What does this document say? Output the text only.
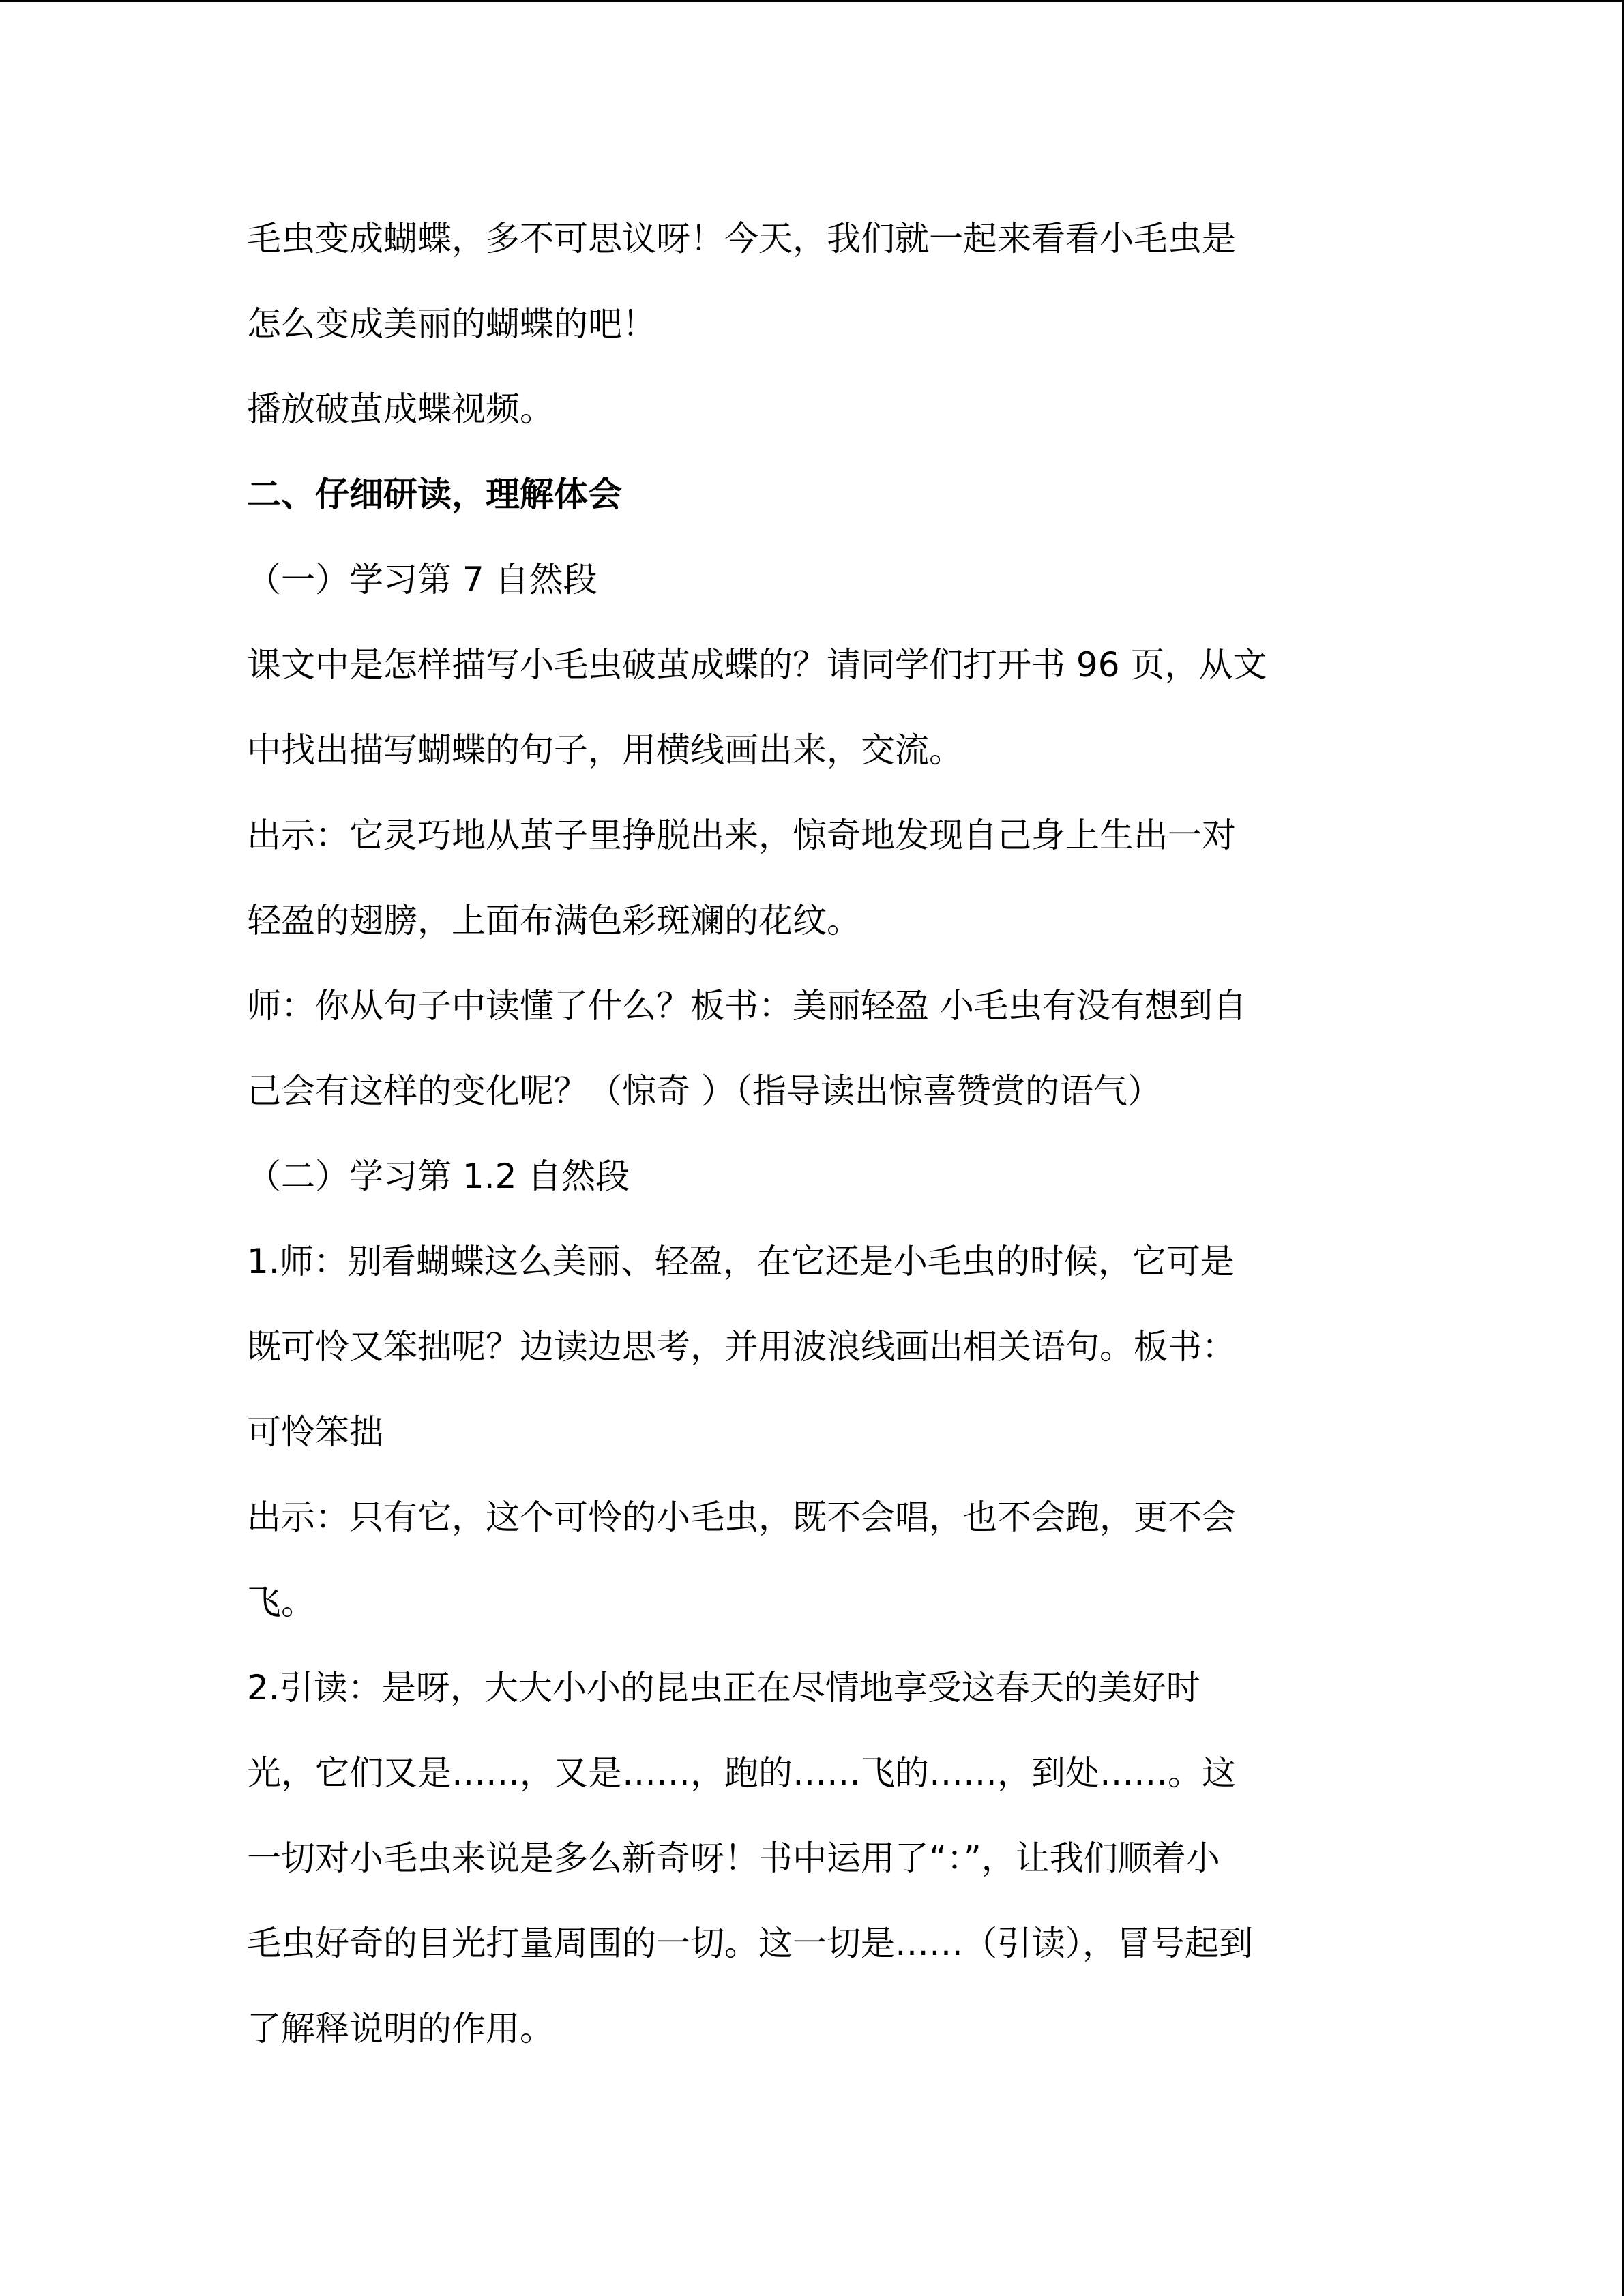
毛虫变成蝴蝶，多不可思议呀！今天，我们就一起来看看小毛虫是
怎么变成美丽的蝴蝶的吧！
播放破茧成蝶视频。
二、仔细研读，理解体会
（一）学习第 7 自然段
课文中是怎样描写小毛虫破茧成蝶的？请同学们打开书 96 页，从文
中找出描写蝴蝶的句子，用横线画出来，交流。
出示：它灵巧地从茧子里挣脱出来，惊奇地发现自己身上生出一对
轻盈的翅膀，上面布满色彩斑斓的花纹。
师：你从句子中读懂了什么？板书：美丽轻盈 小毛虫有没有想到自
己会有这样的变化呢？（惊奇 ）（指导读出惊喜赞赏的语气）
（二）学习第 1.2 自然段
1.师：别看蝴蝶这么美丽、轻盈，在它还是小毛虫的时候，它可是
既可怜又笨拙呢？边读边思考，并用波浪线画出相关语句。板书：
可怜笨拙
出示：只有它，这个可怜的小毛虫，既不会唱，也不会跑，更不会
飞。
2.引读：是呀，大大小小的昆虫正在尽情地享受这春天的美好时
光，它们又是……，又是……，跑的……飞的……，到处……。这
一切对小毛虫来说是多么新奇呀！书中运用了“：”，让我们顺着小
毛虫好奇的目光打量周围的一切。这一切是……（引读），冒号起到
了解释说明的作用。
